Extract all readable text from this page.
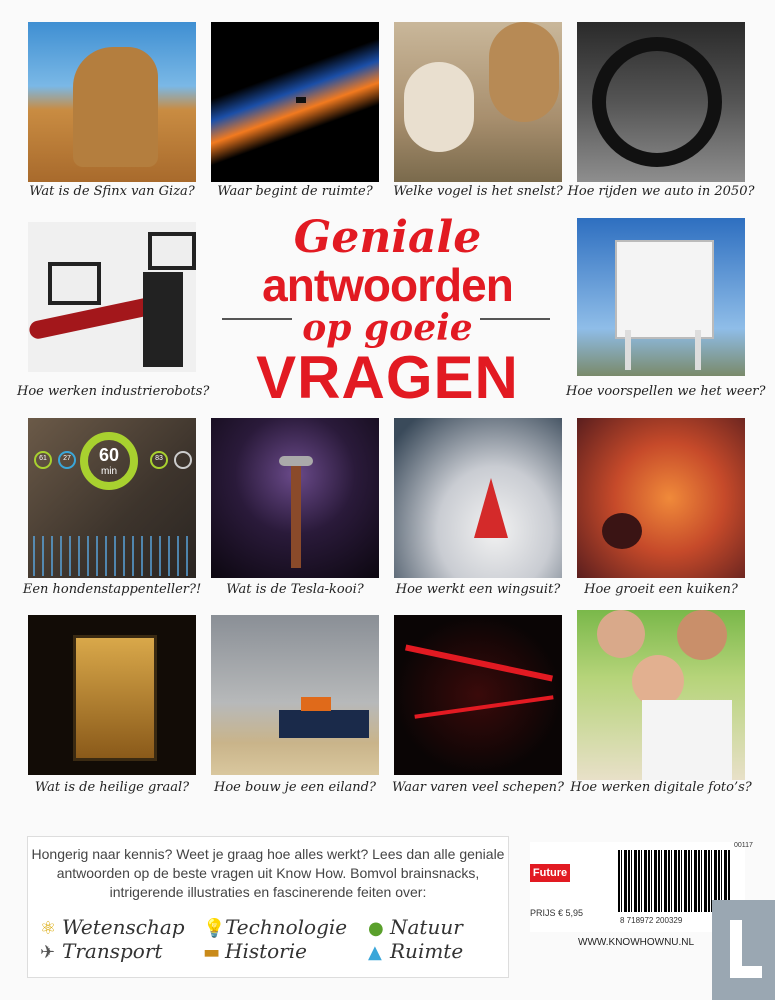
Wat is de Sfinx van Giza?	Waar begint de ruimte?	Welke vogel is het snelst? Hoe rijden we auto in 2050?
Hoe werken industrierobots?
Geniale
antwoorden
op goeie
VRAGEN	Hoe voorspellen we het weer?
60
min
61	27	83
Een hondenstappenteller?!	Wat is de Tesla-kooi?	Hoe werkt een wingsuit?	Hoe groeit een kuiken?
Wat is de heilige graal?	Hoe bouw je een eiland?	Waar varen veel schepen? Hoe werken digitale foto’s?
Hongerig naar kennis? Weet je graag hoe alles werkt? Lees dan alle geniale antwoorden op de beste vragen uit Know How. Bomvol brainsnacks, intrigerende illustraties en fascinerende feiten over:
⚛ Wetenschap 💡Technologie ● Natuur
✈ Transport ▬ Historie	▲ Ruimte
Future
PRIJS € 5,95
00117
8 718972 200329
WWW.KNOWHOWNU.NL
